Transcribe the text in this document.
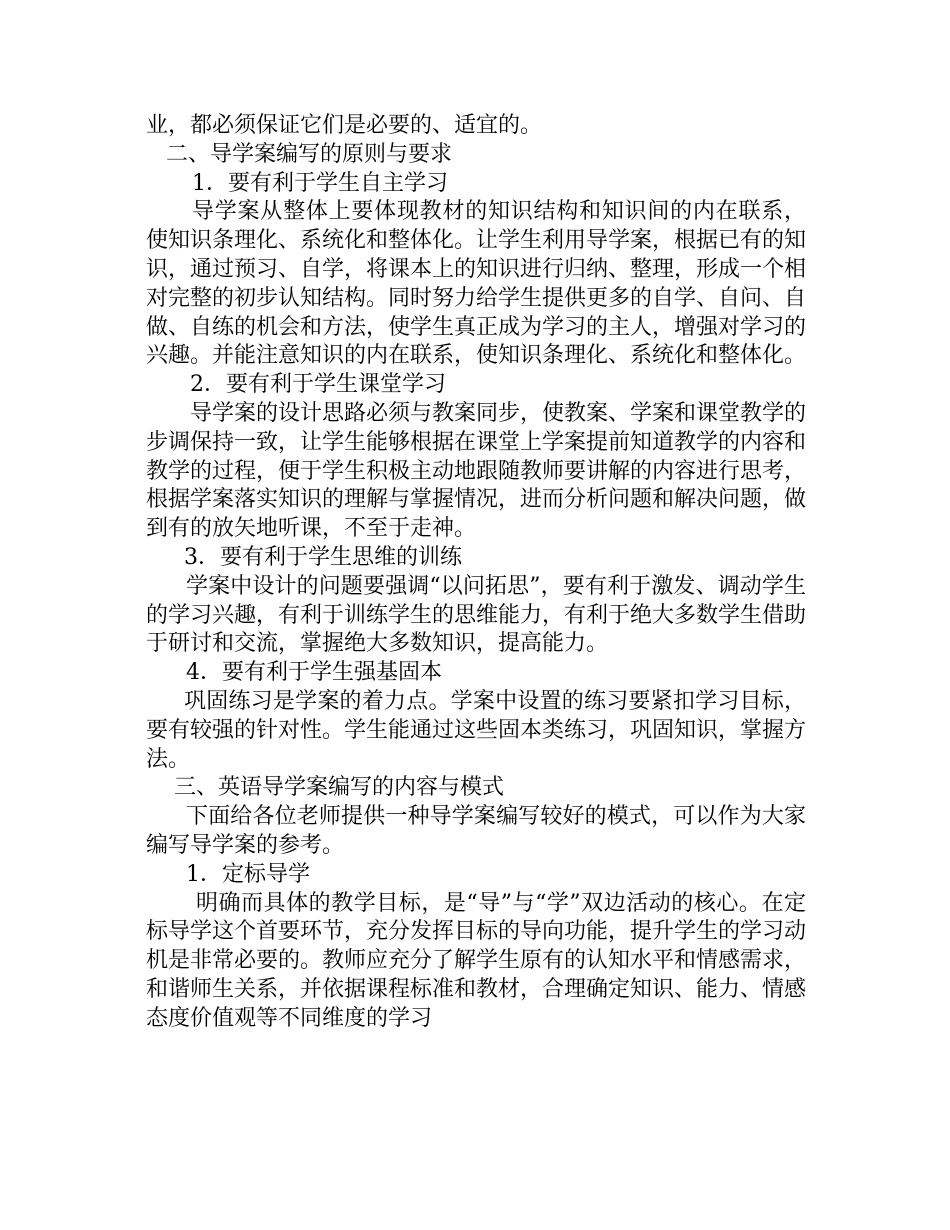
业，都必须保证它们是必要的、适宜的。

二、导学案编写的原则与要求

1．要有利于学生自主学习

导学案从整体上要体现教材的知识结构和知识间的内在联系，使知识条理化、系统化和整体化。让学生利用导学案，根据已有的知识，通过预习、自学，将课本上的知识进行归纳、整理，形成一个相对完整的初步认知结构。同时努力给学生提供更多的自学、自问、自做、自练的机会和方法，使学生真正成为学习的主人，增强对学习的兴趣。并能注意知识的内在联系，使知识条理化、系统化和整体化。

2．要有利于学生课堂学习

导学案的设计思路必须与教案同步，使教案、学案和课堂教学的步调保持一致，让学生能够根据在课堂上学案提前知道教学的内容和教学的过程，便于学生积极主动地跟随教师要讲解的内容进行思考，根据学案落实知识的理解与掌握情况，进而分析问题和解决问题，做到有的放矢地听课，不至于走神。

3．要有利于学生思维的训练

学案中设计的问题要强调“以问拓思”，要有利于激发、调动学生的学习兴趣，有利于训练学生的思维能力，有利于绝大多数学生借助于研讨和交流，掌握绝大多数知识，提高能力。

4．要有利于学生强基固本

巩固练习是学案的着力点。学案中设置的练习要紧扣学习目标，要有较强的针对性。学生能通过这些固本类练习，巩固知识，掌握方法。

三、英语导学案编写的内容与模式

下面给各位老师提供一种导学案编写较好的模式，可以作为大家编写导学案的参考。

1．定标导学

明确而具体的教学目标，是“导”与“学”双边活动的核心。在定标导学这个首要环节，充分发挥目标的导向功能，提升学生的学习动机是非常必要的。教师应充分了解学生原有的认知水平和情感需求，和谐师生关系，并依据课程标准和教材，合理确定知识、能力、情感态度价值观等不同维度的学习
